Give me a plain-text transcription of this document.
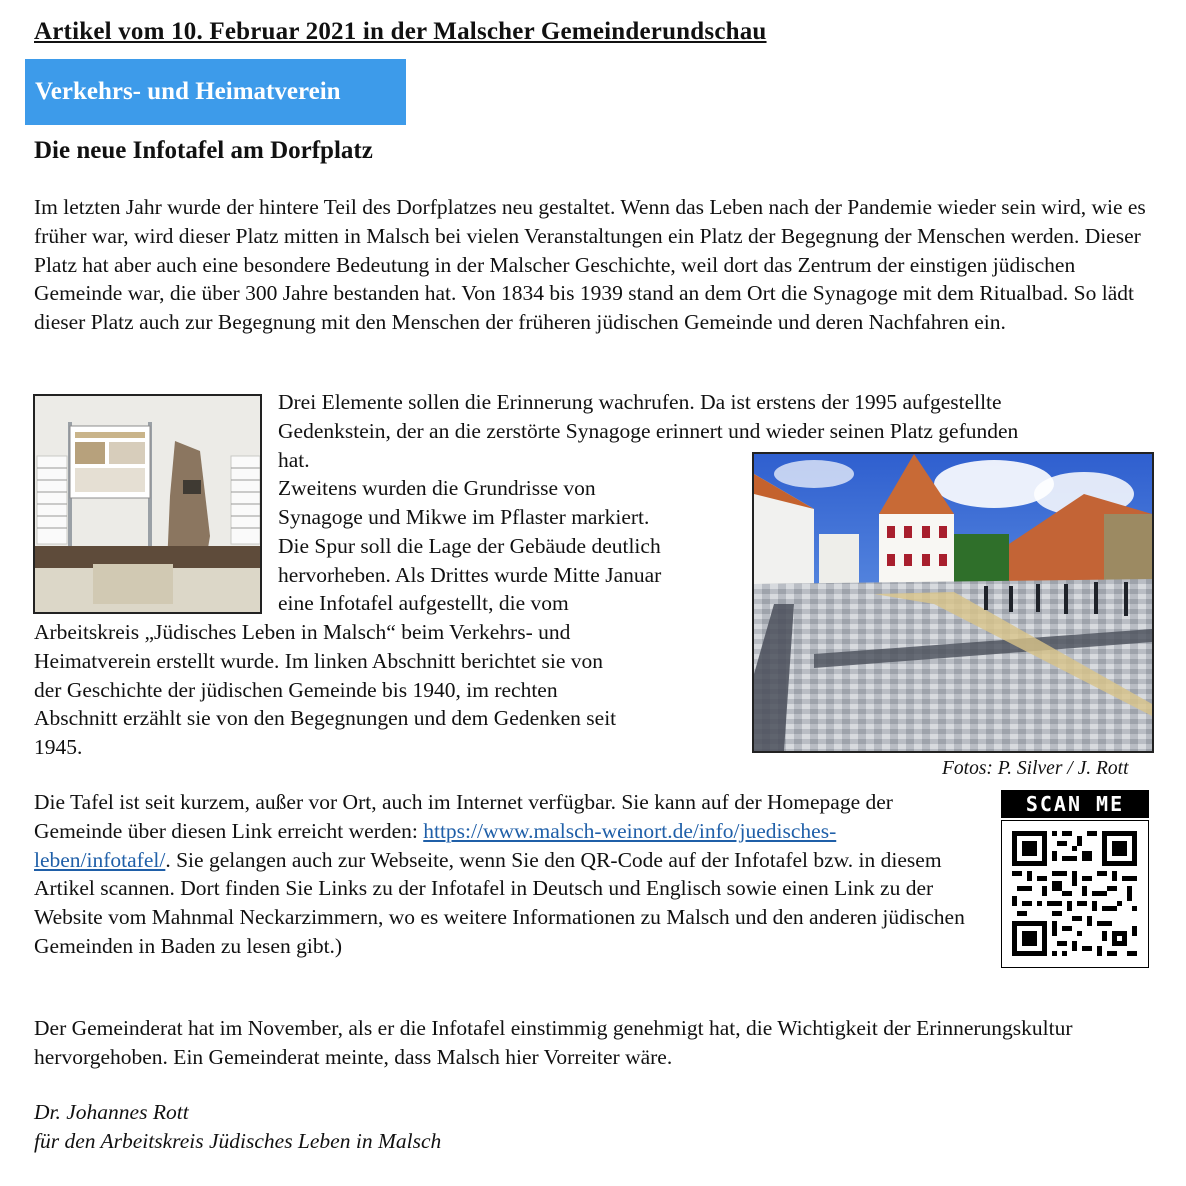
Artikel vom 10. Februar 2021 in der Malscher Gemeinderundschau
Verkehrs- und Heimatverein
Die neue Infotafel am Dorfplatz
Im letzten Jahr wurde der hintere Teil des Dorfplatzes neu gestaltet. Wenn das Leben nach der Pandemie wieder sein wird, wie es früher war, wird dieser Platz mitten in Malsch bei vielen Veranstaltungen ein Platz der Begegnung der Menschen werden. Dieser Platz hat aber auch eine besondere Bedeutung in der Malscher Geschichte, weil dort das Zentrum der einstigen jüdischen Gemeinde war, die über 300 Jahre bestanden hat. Von 1834 bis 1939 stand an dem Ort die Synagoge mit dem Ritualbad. So lädt dieser Platz auch zur Begegnung mit den Menschen der früheren jüdischen Gemeinde und deren Nachfahren ein.
Drei Elemente sollen die Erinnerung wachrufen. Da ist erstens der 1995 aufgestellte
Gedenkstein, der an die zerstörte Synagoge erinnert und wieder seinen Platz gefunden
hat.
Zweitens wurden die Grundrisse von
Synagoge und Mikwe im Pflaster markiert.
Die Spur soll die Lage der Gebäude deutlich
hervorheben. Als Drittes wurde Mitte Januar
eine Infotafel aufgestellt, die vom
Arbeitskreis „Jüdisches Leben in Malsch“ beim Verkehrs- und
Heimatverein erstellt wurde. Im linken Abschnitt berichtet sie von
der Geschichte der jüdischen Gemeinde bis 1940, im rechten
Abschnitt erzählt sie von den Begegnungen und dem Gedenken seit
1945.
Fotos: P. Silver / J. Rott
Die Tafel ist seit kurzem, außer vor Ort, auch im Internet verfügbar. Sie kann auf der Homepage der Gemeinde über diesen Link erreicht werden: https://www.malsch-weinort.de/info/juedisches-leben/infotafel/. Sie gelangen auch zur Webseite, wenn Sie den QR-Code auf der Infotafel bzw. in diesem Artikel scannen. Dort finden Sie Links zu der Infotafel in Deutsch und Englisch sowie einen Link zu der Website vom Mahnmal Neckarzimmern, wo es weitere Informationen zu Malsch und den anderen jüdischen Gemeinden in Baden zu lesen gibt.)
SCAN ME
Der Gemeinderat hat im November, als er die Infotafel einstimmig genehmigt hat, die Wichtigkeit der Erinnerungskultur hervorgehoben. Ein Gemeinderat meinte, dass Malsch hier Vorreiter wäre.
Dr. Johannes Rott
für den Arbeitskreis Jüdisches Leben in Malsch
